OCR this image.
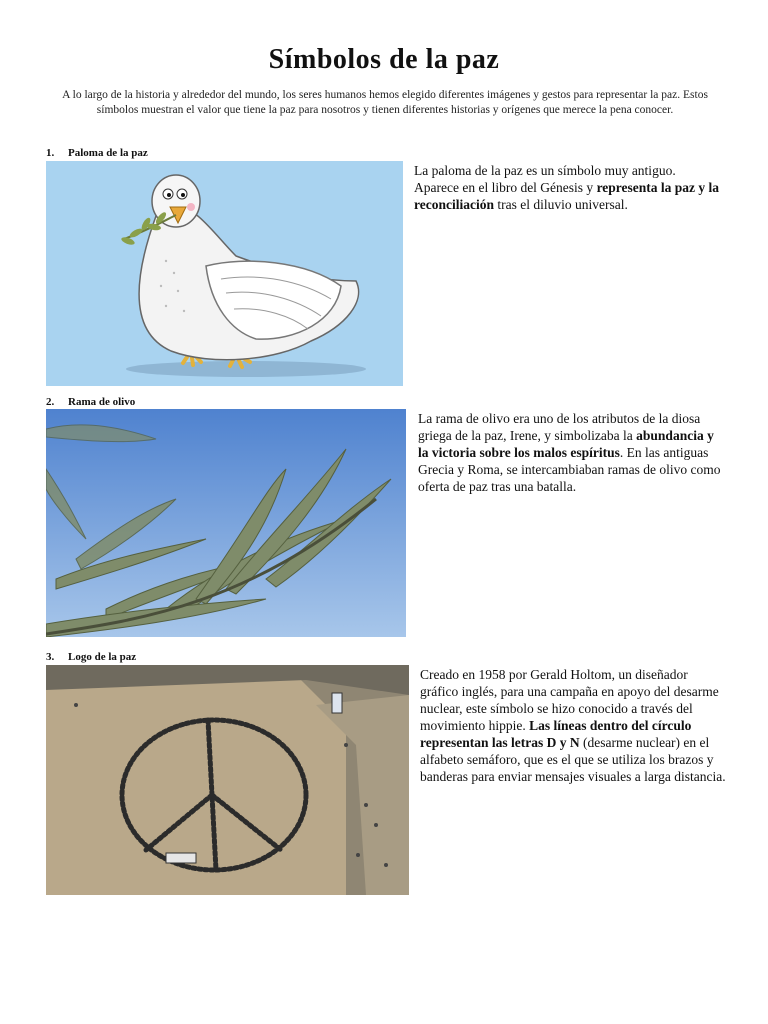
Símbolos de la paz
A lo largo de la historia y alrededor del mundo, los seres humanos hemos elegido diferentes imágenes y gestos para representar la paz. Estos símbolos muestran el valor que tiene la paz para nosotros y tienen diferentes historias y orígenes que merece la pena conocer.
1. Paloma de la paz
La paloma de la paz es un símbolo muy antiguo. Aparece en el libro del Génesis y representa la paz y la reconciliación tras el diluvio universal.
2. Rama de olivo
La rama de olivo era uno de los atributos de la diosa griega de la paz, Irene, y simbolizaba la abundancia y la victoria sobre los malos espíritus. En las antiguas Grecia y Roma, se intercambiaban ramas de olivo como oferta de paz tras una batalla.
3. Logo de la paz
Creado en 1958 por Gerald Holtom, un diseñador gráfico inglés, para una campaña en apoyo del desarme nuclear, este símbolo se hizo conocido a través del movimiento hippie. Las líneas dentro del círculo representan las letras D y N (desarme nuclear) en el alfabeto semáforo, que es el que se utiliza los brazos y banderas para enviar mensajes visuales a larga distancia.
